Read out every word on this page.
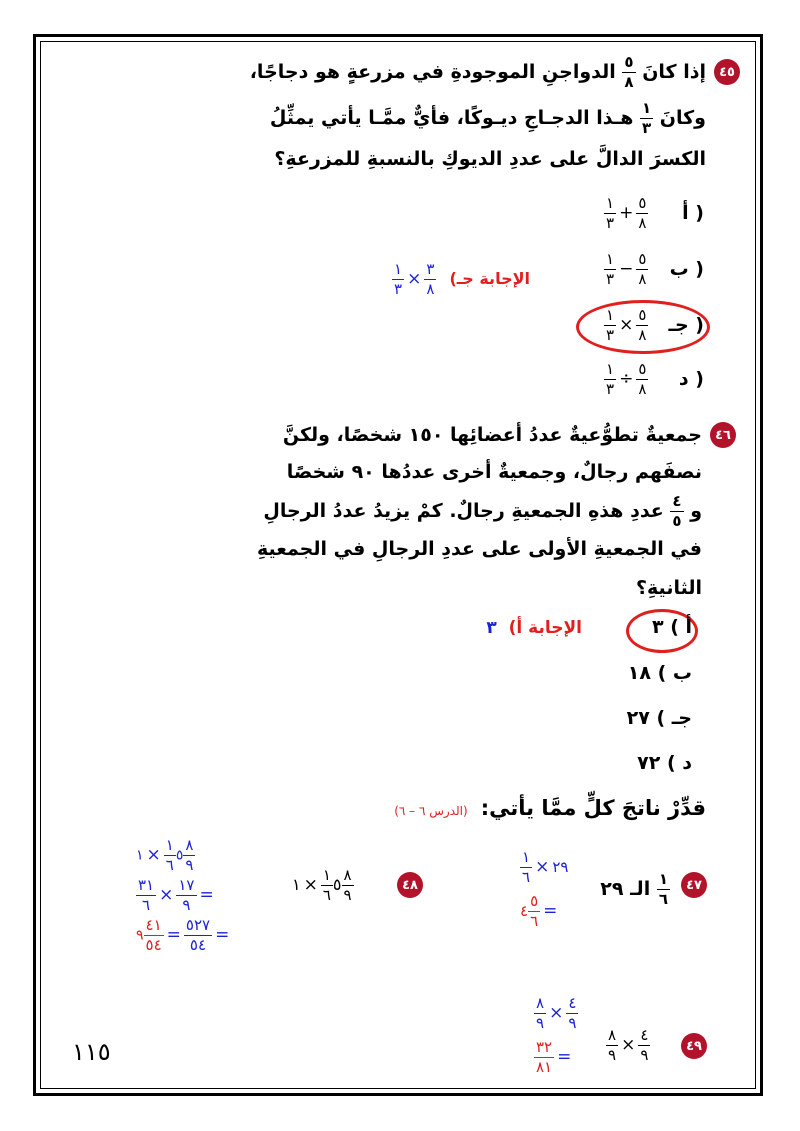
٤٥
إذا كانَ
$\frac{٥}{٨}$
الدواجنِ الموجودةِ في مزرعةٍ هو دجاجًا،
وكانَ
$\frac{١}{٣}$
هـذا الدجـاجِ ديـوكًا، فأيٌّ ممَّـا يأتي يمثِّلُ
الكسرَ الدالَّ على عددِ الديوكِ بالنسبةِ للمزرعةِ؟
أ )
$\frac{١}{٣} + \frac{٥}{٨}$
ب )
$\frac{١}{٣} - \frac{٥}{٨}$
جـ )
$\frac{١}{٣} \times \frac{٥}{٨}$
د )
$\frac{١}{٣} \div \frac{٥}{٨}$
$\frac{١}{٣} \times \frac{٣}{٨}$ الإجابة جـ)
٤٦
جمعيةٌ تطوُّعيةٌ عددُ أعضائِها ١٥٠ شخصًا، ولكنَّ
نصفَهم رجالٌ، وجمعيةٌ أخرى عددُها ٩٠ شخصًا
و
$\frac{٤}{٥}$
عددِ هذهِ الجمعيةِ رجالٌ. كمْ يزيدُ عددُ الرجالِ
في الجمعيةِ الأولى على عددِ الرجالِ في الجمعيةِ
الثانيةِ؟
أ ) ٣
ب ) ١٨
جـ ) ٢٧
د ) ٧٢
الإجابة أ) ٣
قدِّرْ ناتجَ كلٍّ ممَّا يأتي: (الدرس ٦ – ٦)
٤٧
$\frac{١}{٦}$
الـ ٢٩
$\frac{١}{٦}$ × ٢٩
٤ $\frac{٥}{٦}$ =
٤٨
٥
$\frac{١}{٦}$
×١	$\frac{٨}{٩}$
٥
$\frac{١}{٦}$
×١	$\frac{٨}{٩}$
$\frac{٣١}{٦} \times \frac{١٧}{٩}$ =
٩ $\frac{٤١}{٥٤} = \frac{٥٢٧}{٥٤}$ =
٤٩
$\frac{٨}{٩} \times \frac{٤}{٩}$
$\frac{٨}{٩} \times \frac{٤}{٩}$
$\frac{٣٢}{٨١}$ =
١١٥
